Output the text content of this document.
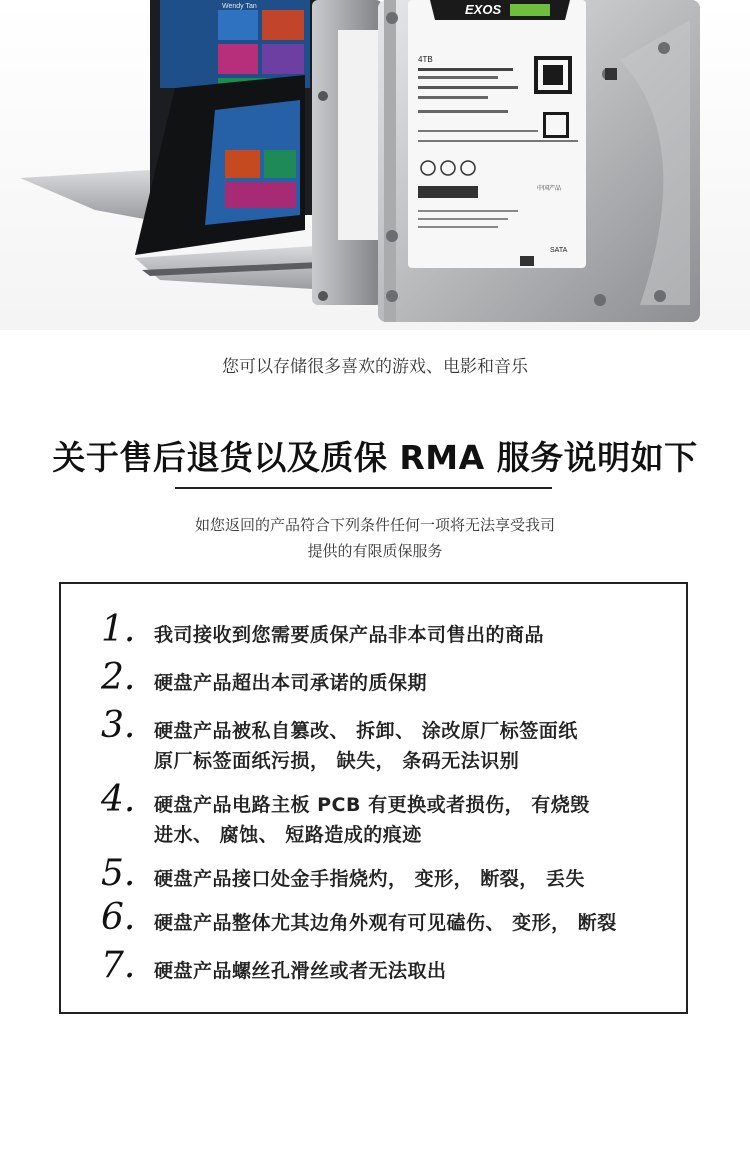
Wendy Tan	EXOS
4TB
中国产品
SATA
您可以存储很多喜欢的游戏、电影和音乐
关于售后退货以及质保 RMA 服务说明如下
如您返回的产品符合下列条件任何一项将无法享受我司
提供的有限质保服务
1. 我司接收到您需要质保产品非本司售出的商品
2. 硬盘产品超出本司承诺的质保期
3. 硬盘产品被私自篡改、 拆卸、 涂改原厂标签面纸
原厂标签面纸污损， 缺失， 条码无法识别
4. 硬盘产品电路主板 PCB 有更换或者损伤， 有烧毁
进水、 腐蚀、 短路造成的痕迹
5. 硬盘产品接口处金手指烧灼， 变形， 断裂， 丢失
6. 硬盘产品整体尤其边角外观有可见磕伤、 变形， 断裂
7. 硬盘产品螺丝孔滑丝或者无法取出
